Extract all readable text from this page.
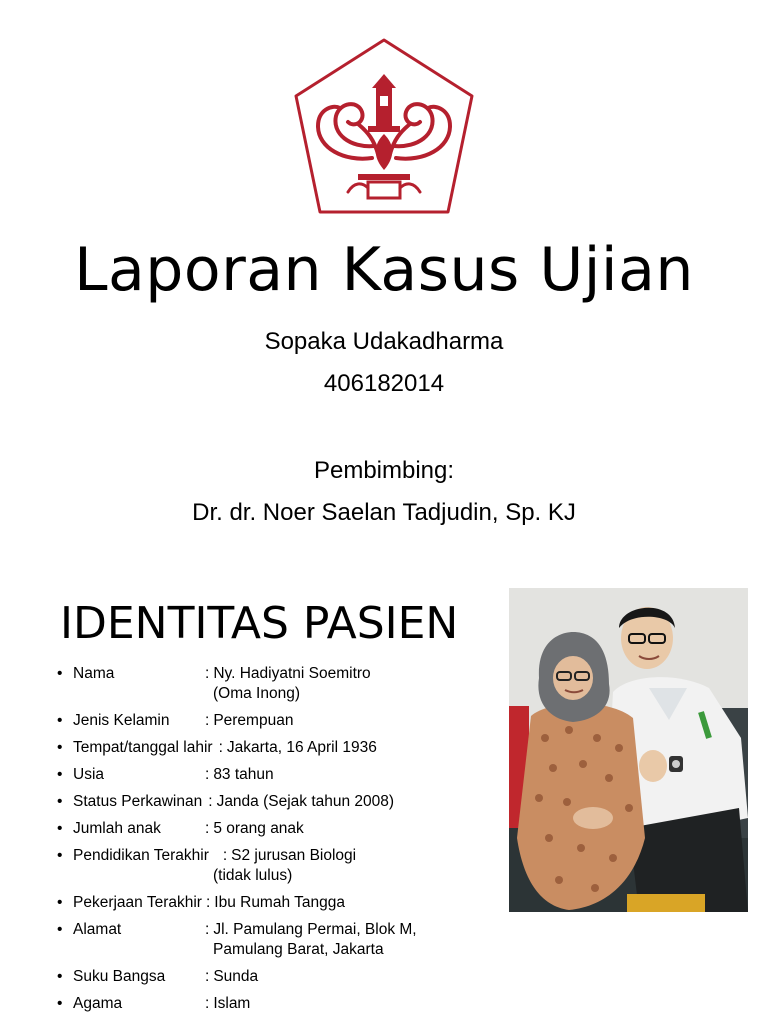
Laporan Kasus Ujian
Sopaka Udakadharma
406182014
Pembimbing:
Dr. dr. Noer Saelan Tadjudin, Sp. KJ
IDENTITAS PASIEN
• Nama	: Ny. Hadiyatni Soemitro
(Oma Inong)
• Jenis Kelamin	: Perempuan
• Tempat/tanggal lahir : Jakarta, 16 April 1936
• Usia	: 83 tahun
• Status Perkawinan : Janda (Sejak tahun 2008)
• Jumlah anak	: 5 orang anak
• Pendidikan Terakhir : S2 jurusan Biologi
(tidak lulus)
• Pekerjaan Terakhir : Ibu Rumah Tangga
• Alamat	: Jl. Pamulang Permai, Blok M,
Pamulang Barat, Jakarta
• Suku Bangsa	: Sunda
• Agama	: Islam
